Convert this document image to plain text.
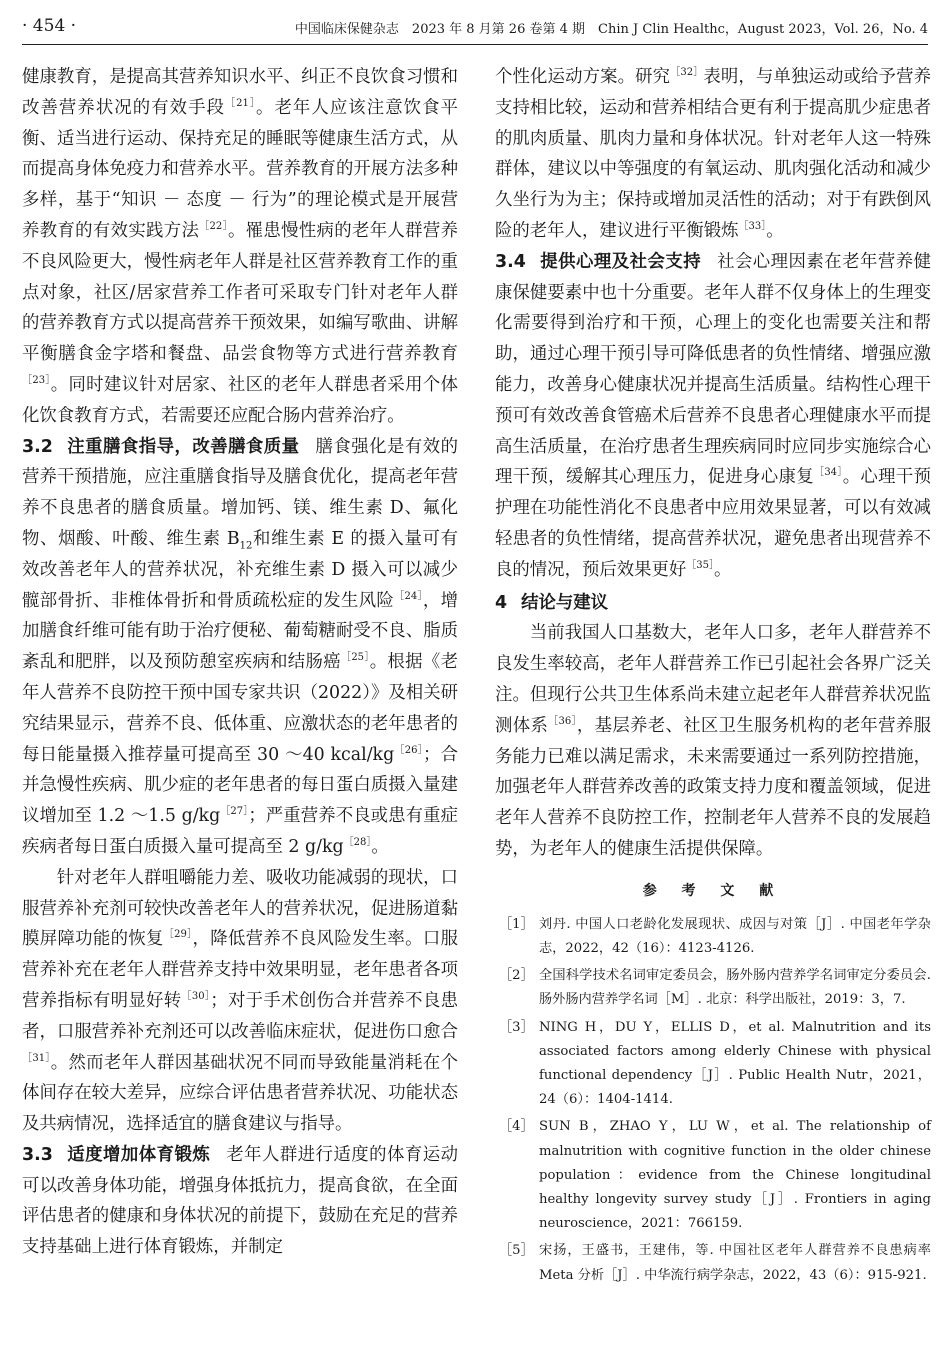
· 454 ·	中国临床保健杂志　2023 年 8 月第 26 卷第 4 期　Chin J Clin Healthc，August 2023，Vol. 26，No. 4

健康教育，是提高其营养知识水平、纠正不良饮食习惯和改善营养状况的有效手段$^{[21]}$。老年人应该注意饮食平衡、适当进行运动、保持充足的睡眠等健康生活方式，从而提高身体免疫力和营养水平。营养教育的开展方法多种多样，基于“知识 － 态度 － 行为”的理论模式是开展营养教育的有效实践方法$^{[22]}$。罹患慢性病的老年人群营养不良风险更大，慢性病老年人群是社区营养教育工作的重点对象，社区/居家营养工作者可采取专门针对老年人群的营养教育方式以提高营养干预效果，如编写歌曲、讲解平衡膳食金字塔和餐盘、品尝食物等方式进行营养教育$^{[23]}$。同时建议针对居家、社区的老年人群患者采用个体化饮食教育方式，若需要还应配合肠内营养治疗。

3.2 注重膳食指导，改善膳食质量 膳食强化是有效的营养干预措施，应注重膳食指导及膳食优化，提高老年营养不良患者的膳食质量。增加钙、镁、维生素 D、氟化物、烟酸、叶酸、维生素 $B_{12}$和维生素 E 的摄入量可有效改善老年人的营养状况，补充维生素 D 摄入可以减少髋部骨折、非椎体骨折和骨质疏松症的发生风险$^{[24]}$，增加膳食纤维可能有助于治疗便秘、葡萄糖耐受不良、脂质紊乱和肥胖，以及预防憩室疾病和结肠癌$^{[25]}$。根据《老年人营养不良防控干预中国专家共识（2022）》及相关研究结果显示，营养不良、低体重、应激状态的老年患者的每日能量摄入推荐量可提高至 30 ～40 kcal/$kg^{[26]}$；合并急慢性疾病、肌少症的老年患者的每日蛋白质摄入量建议增加至 1.2 ～1.5 $g/kg^{[27]}$；严重营养不良或患有重症疾病者每日蛋白质摄入量可提高至 2 $g/kg^{[28]}$。

针对老年人群咀嚼能力差、吸收功能减弱的现状，口服营养补充剂可较快改善老年人的营养状况，促进肠道黏膜屏障功能的恢复$^{[29]}$，降低营养不良风险发生率。口服营养补充在老年人群营养支持中效果明显，老年患者各项营养指标有明显好转$^{[30]}$；对于手术创伤合并营养不良患者，口服营养补充剂还可以改善临床症状，促进伤口愈合$^{[31]}$。然而老年人群因基础状况不同而导致能量消耗在个体间存在较大差异，应综合评估患者营养状况、功能状态及共病情况，选择适宜的膳食建议与指导。

3.3 适度增加体育锻炼 老年人群进行适度的体育运动可以改善身体功能，增强身体抵抗力，提高食欲，在全面评估患者的健康和身体状况的前提下，鼓励在充足的营养支持基础上进行体育锻炼，并制定

个性化运动方案。研究$^{[32]}$表明，与单独运动或给予营养支持相比较，运动和营养相结合更有利于提高肌少症患者的肌肉质量、肌肉力量和身体状况。针对老年人这一特殊群体，建议以中等强度的有氧运动、肌肉强化活动和减少久坐行为为主；保持或增加灵活性的活动；对于有跌倒风险的老年人，建议进行平衡锻炼$^{[33]}$。

3.4 提供心理及社会支持 社会心理因素在老年营养健康保健要素中也十分重要。老年人群不仅身体上的生理变化需要得到治疗和干预，心理上的变化也需要关注和帮助，通过心理干预引导可降低患者的负性情绪、增强应激能力，改善身心健康状况并提高生活质量。结构性心理干预可有效改善食管癌术后营养不良患者心理健康水平而提高生活质量，在治疗患者生理疾病同时应同步实施综合心理干预，缓解其心理压力，促进身心康复$^{[34]}$。心理干预护理在功能性消化不良患者中应用效果显著，可以有效减轻患者的负性情绪，提高营养状况，避免患者出现营养不良的情况，预后效果更好$^{[35]}$。

4 结论与建议

当前我国人口基数大，老年人口多，老年人群营养不良发生率较高，老年人群营养工作已引起社会各界广泛关注。但现行公共卫生体系尚未建立起老年人群营养状况监测体系$^{[36]}$，基层养老、社区卫生服务机构的老年营养服务能力已难以满足需求，未来需要通过一系列防控措施，加强老年人群营养改善的政策支持力度和覆盖领域，促进老年人营养不良防控工作，控制老年人营养不良的发展趋势，为老年人的健康生活提供保障。

参 考 文 献
［1］ 刘丹. 中国人口老龄化发展现状、成因与对策［J］. 中国老年学杂志，2022，42（16）：4123-4126.
［2］ 全国科学技术名词审定委员会，肠外肠内营养学名词审定分委员会. 肠外肠内营养学名词［M］. 北京：科学出版社，2019：3，7.
［3］ NING H，DU Y，ELLIS D，et al. Malnutrition and its associated factors among elderly Chinese with physical functional dependency［J］. Public Health Nutr，2021，24（6）：1404-1414.
［4］ SUN B，ZHAO Y，LU W，et al. The relationship of malnutrition with cognitive function in the older chinese population：evidence from the Chinese longitudinal healthy longevity survey study［J］. Frontiers in aging neuroscience，2021：766159.
［5］ 宋扬，王盛书，王建伟，等. 中国社区老年人群营养不良患病率 Meta 分析［J］. 中华流行病学杂志，2022，43（6）：915-921.
